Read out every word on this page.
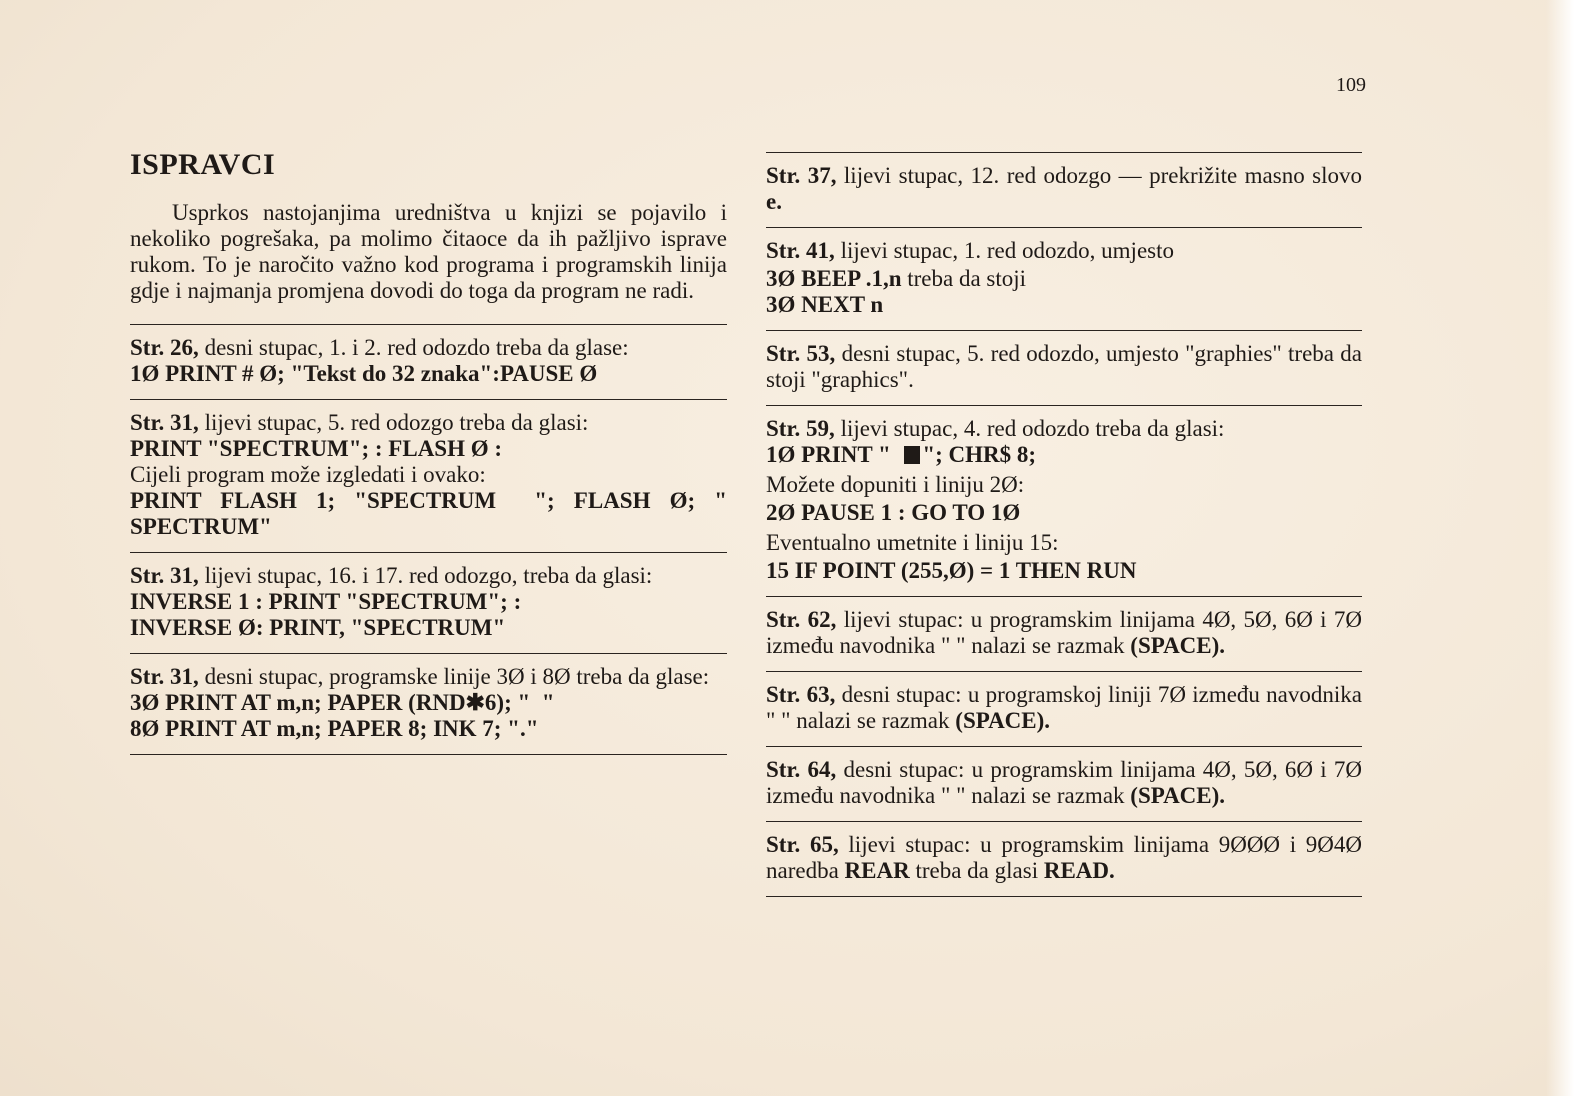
109
ISPRAVCI

Usprkos nastojanjima uredništva u knjizi se pojavilo i nekoliko pogrešaka, pa molimo čitaoce da ih pažljivo isprave rukom. To je naročito važno kod programa i programskih linija gdje i najmanja promjena dovodi do toga da program ne radi.

Str. 26, desni stupac, 1. i 2. red odozdo treba da glase:

1Ø PRINT # Ø; "Tekst do 32 znaka":PAUSE Ø

Str. 31, lijevi stupac, 5. red odozgo treba da glasi:

PRINT "SPECTRUM"; : FLASH Ø :

Cijeli program može izgledati i ovako:

PRINT FLASH 1; "SPECTRUM  "; FLASH Ø; "  SPECTRUM"

Str. 31, lijevi stupac, 16. i 17. red odozgo, treba da glasi:

INVERSE 1 : PRINT "SPECTRUM"; :
INVERSE Ø: PRINT, "SPECTRUM"

Str. 31, desni stupac, programske linije 3Ø i 8Ø treba da glase:

3Ø PRINT AT m,n; PAPER (RND✱6); "  "
8Ø PRINT AT m,n; PAPER 8; INK 7; "."

Str. 37, lijevi stupac, 12. red odozgo — prekrižite masno slovo e.

Str. 41, lijevi stupac, 1. red odozdo, umjesto

3Ø BEEP .1,n treba da stoji

3Ø NEXT n

Str. 53, desni stupac, 5. red odozdo, umjesto "graphies" treba da stoji "graphics".

Str. 59, lijevi stupac, 4. red odozdo treba da glasi:

1Ø PRINT "  "; CHR$ 8;

Možete dopuniti i liniju 2Ø:

2Ø PAUSE 1 : GO TO 1Ø

Eventualno umetnite i liniju 15:

15 IF POINT (255,Ø) = 1 THEN RUN

Str. 62, lijevi stupac: u programskim linijama 4Ø, 5Ø, 6Ø i 7Ø između navodnika " " nalazi se razmak (SPACE).

Str. 63, desni stupac: u programskoj liniji 7Ø između navodnika " " nalazi se razmak (SPACE).

Str. 64, desni stupac: u programskim linijama 4Ø, 5Ø, 6Ø i 7Ø između navodnika " " nalazi se razmak (SPACE).

Str. 65, lijevi stupac: u programskim linijama 9ØØØ i 9Ø4Ø naredba REAR treba da glasi READ.
